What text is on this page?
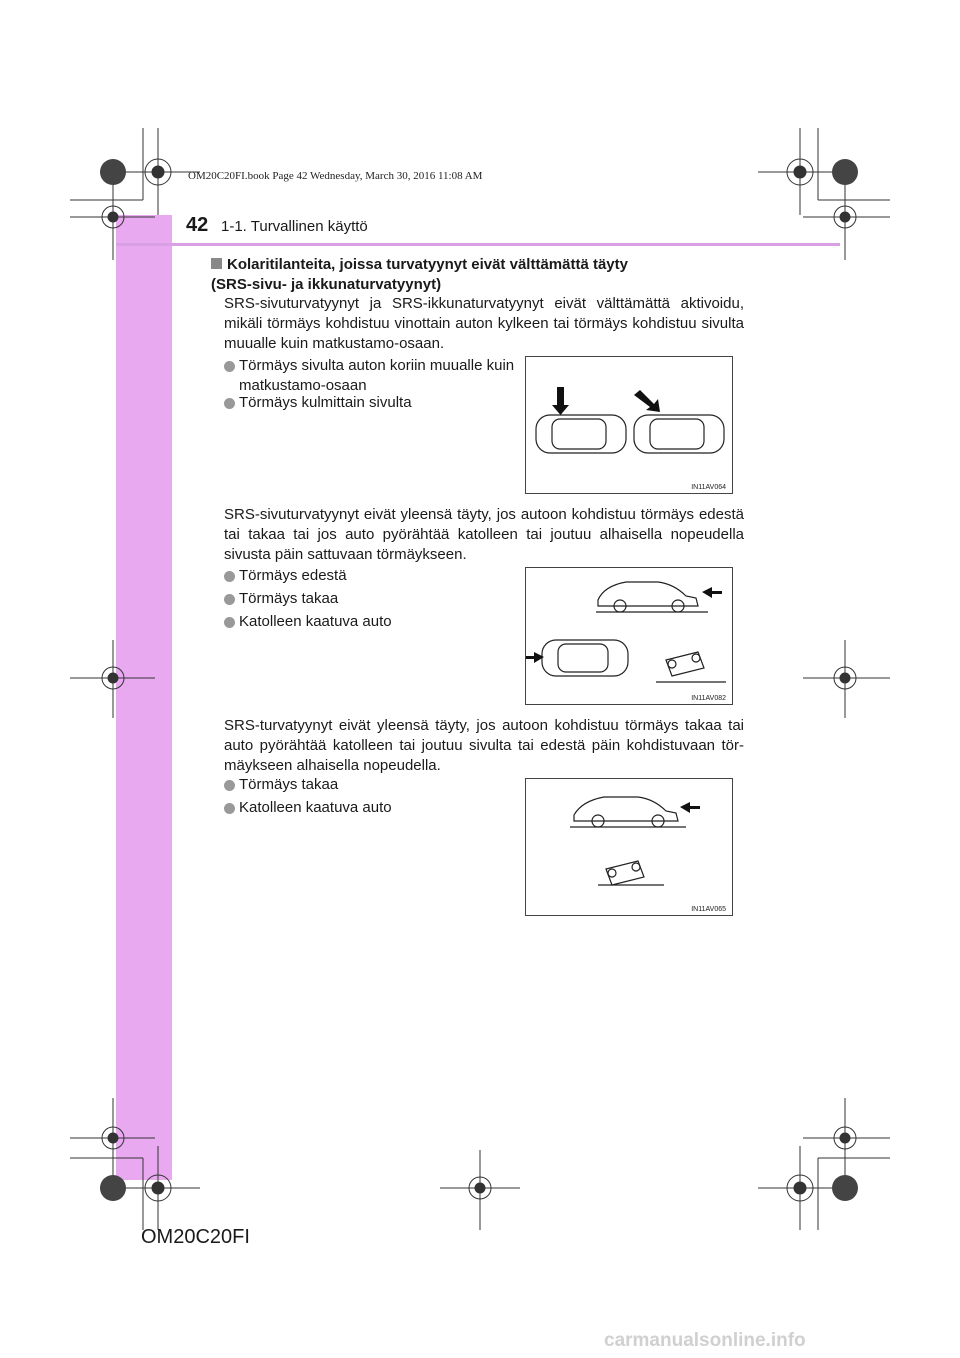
OM20C20FI.book Page 42 Wednesday, March 30, 2016 11:08 AM
42 1-1. Turvallinen käyttö
Kolaritilanteita, joissa turvatyynyt eivät välttämättä täyty
(SRS-sivu- ja ikkunaturvatyynyt)
SRS-sivuturvatyynyt ja SRS-ikkunaturvatyynyt eivät välttämättä aktivoidu, mikäli törmäys kohdistuu vinottain auton kylkeen tai törmäys kohdistuu sivulta muualle kuin matkustamo-osaan.
Törmäys sivulta auton koriin muualle kuin matkustamo-osaan
Törmäys kulmittain sivulta
IN11AV064
SRS-sivuturvatyynyt eivät yleensä täyty, jos autoon kohdistuu törmäys edestä tai takaa tai jos auto pyörähtää katolleen tai joutuu alhaisella nopeudella sivusta päin sattuvaan törmäykseen.
Törmäys edestä
Törmäys takaa
Katolleen kaatuva auto
IN11AV082
SRS-turvatyynyt eivät yleensä täyty, jos autoon kohdistuu törmäys takaa tai auto pyörähtää katolleen tai joutuu sivulta tai edestä päin kohdistuvaan tör-mäykseen alhaisella nopeudella.
Törmäys takaa
Katolleen kaatuva auto
IN11AV065
OM20C20FI
carmanualsonline.info
